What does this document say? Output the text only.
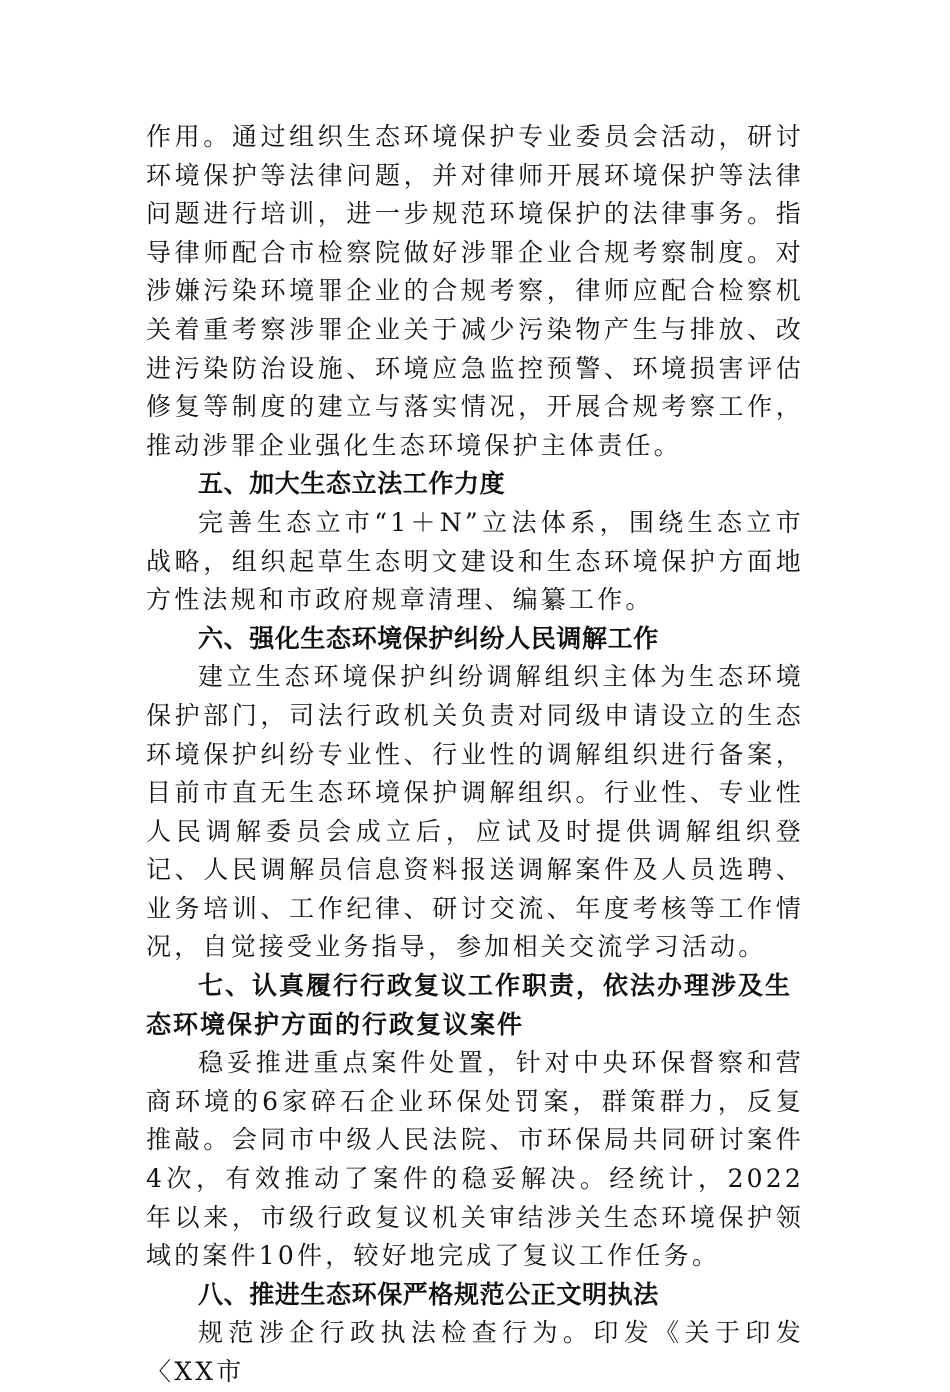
作用。通过组织生态环境保护专业委员会活动，研讨环境保护等法律问题，并对律师开展环境保护等法律问题进行培训，进一步规范环境保护的法律事务。指导律师配合市检察院做好涉罪企业合规考察制度。对涉嫌污染环境罪企业的合规考察，律师应配合检察机关着重考察涉罪企业关于减少污染物产生与排放、改进污染防治设施、环境应急监控预警、环境损害评估修复等制度的建立与落实情况，开展合规考察工作，推动涉罪企业强化生态环境保护主体责任。

五、加大生态立法工作力度

完善生态立市“1＋N”立法体系，围绕生态立市战略，组织起草生态明文建设和生态环境保护方面地方性法规和市政府规章清理、编纂工作。

六、强化生态环境保护纠纷人民调解工作

建立生态环境保护纠纷调解组织主体为生态环境保护部门，司法行政机关负责对同级申请设立的生态环境保护纠纷专业性、行业性的调解组织进行备案，目前市直无生态环境保护调解组织。行业性、专业性人民调解委员会成立后，应试及时提供调解组织登记、人民调解员信息资料报送调解案件及人员选聘、业务培训、工作纪律、研讨交流、年度考核等工作情况，自觉接受业务指导，参加相关交流学习活动。

七、认真履行行政复议工作职责，依法办理涉及生态环境保护方面的行政复议案件

稳妥推进重点案件处置，针对中央环保督察和营商环境的6家碎石企业环保处罚案，群策群力，反复推敲。会同市中级人民法院、市环保局共同研讨案件4次，有效推动了案件的稳妥解决。经统计，2022年以来，市级行政复议机关审结涉关生态环境保护领域的案件10件，较好地完成了复议工作任务。

八、推进生态环保严格规范公正文明执法

规范涉企行政执法检查行为。印发《关于印发〈XX市
